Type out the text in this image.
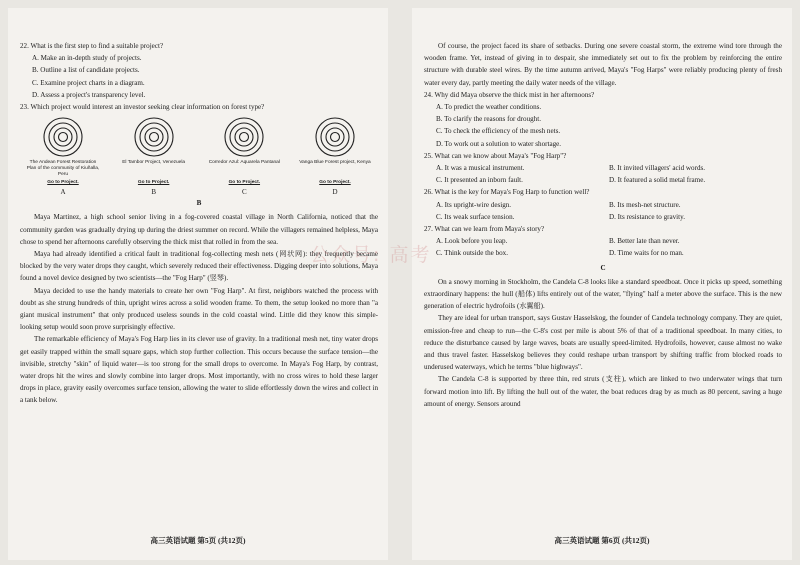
22. What is the first step to find a suitable project?

A. Make an in-depth study of projects.

B. Outline a list of candidate projects.

C. Examine project charts in a diagram.

D. Assess a project's transparency level.

23. Which project would interest an investor seeking clear information on forest type?

The Andean Forest Restoration Plan of the community of Kiuñalla, Peru
Go to Project.
A
El Tambor Project, Venezuela
Go to Project.
B
Corredor Azul: Aquarela Pantanal
Go to Project.
C
Vanga Blue Forest project, Kenya
Go to Project.
D

B

Maya Martinez, a high school senior living in a fog-covered coastal village in North California, noticed that the community garden was gradually drying up during the driest summer on record. While the villagers remained helpless, Maya chose to spend her afternoons carefully observing the thick mist that rolled in from the sea.

Maya had already identified a critical fault in traditional fog-collecting mesh nets (网状网): they frequently became blocked by the very water drops they caught, which severely reduced their effectiveness. Digging deeper into solutions, Maya found a novel device designed by two scientists—the "Fog Harp" (竖琴).

Maya decided to use the handy materials to create her own "Fog Harp". At first, neighbors watched the process with doubt as she strung hundreds of thin, upright wires across a solid wooden frame. To them, the setup looked no more than "a giant musical instrument" that only produced useless sounds in the cold coastal wind. Little did they know this simple-looking setup would soon prove surprisingly effective.

The remarkable efficiency of Maya's Fog Harp lies in its clever use of gravity. In a traditional mesh net, tiny water drops get easily trapped within the small square gaps, which stop further collection. This occurs because the surface tension—the invisible, stretchy "skin" of liquid water—is too strong for the small drops to overcome. In Maya's Fog Harp, by contrast, water drops hit the wires and slowly combine into larger drops. Most importantly, with no cross wires to hold these larger drops in place, gravity easily overcomes surface tension, allowing the water to slide effortlessly down the wires and collect in a tank below.

高三英语试题 第5页 (共12页)

Of course, the project faced its share of setbacks. During one severe coastal storm, the extreme wind tore through the wooden frame. Yet, instead of giving in to despair, she immediately set out to fix the problem by reinforcing the entire structure with durable steel wires. By the time autumn arrived, Maya's "Fog Harps" were reliably producing plenty of fresh water every day, partly meeting the daily water needs of the village.

24. Why did Maya observe the thick mist in her afternoons?

A. To predict the weather conditions.

B. To clarify the reasons for drought.

C. To check the efficiency of the mesh nets.

D. To work out a solution to water shortage.

25. What can we know about Maya's "Fog Harp"?

A. It was a musical instrument.	B. It invited villagers' acid words.
C. It presented an inborn fault.	D. It featured a solid metal frame.

26. What is the key for Maya's Fog Harp to function well?

A. Its upright-wire design.	B. Its mesh-net structure.
C. Its weak surface tension.	D. Its resistance to gravity.

27. What can we learn from Maya's story?

A. Look before you leap.	B. Better late than never.
C. Think outside the box.	D. Time waits for no man.

C

On a snowy morning in Stockholm, the Candela C-8 looks like a standard speedboat. Once it picks up speed, something extraordinary happens: the hull (船体) lifts entirely out of the water, "flying" half a meter above the surface. This is the new generation of electric hydrofoils (水翼船).

They are ideal for urban transport, says Gustav Hasselskog, the founder of Candela technology company. They are quiet, emission-free and cheap to run—the C-8's cost per mile is about 5% of that of a traditional speedboat. In many cities, to reduce the disturbance caused by large waves, boats are usually speed-limited. Hydrofoils, however, cause almost no wake and thus travel faster. Hasselskog believes they could reshape urban transport by shifting traffic from blocked roads to underused waterways, which he terms "blue highways".

The Candela C-8 is supported by three thin, red struts (支柱), which are linked to two underwater wings that turn forward motion into lift. By lifting the hull out of the water, the boat reduces drag by as much as 80 percent, saving a huge amount of energy. Sensors around

高三英语试题 第6页 (共12页)
公众号: 高考
